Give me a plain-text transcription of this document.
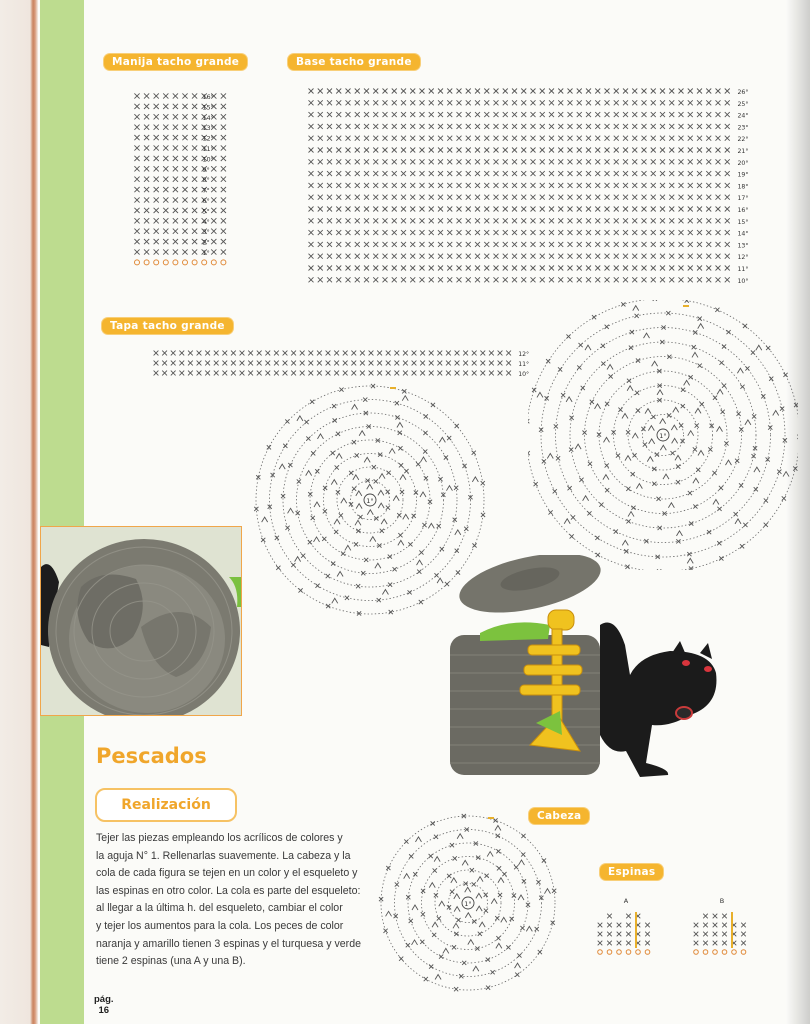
Manija tacho grande	Base tacho grande
Tapa tacho grande
Cabeza
Espinas
16°
15°
14°
13°
12°
11°
10°
9°
8°
7°
6°
5°
4°
3°
2°
1°
26°
25°
24°
23°
22°
21°
20°
19°
18°
17°
16°
15°
14°
13°
12°
11°
10°
12°
11°
10°
1°
1°
1°	A	B
Pescados
Realización
Tejer las piezas empleando los acrílicos de colores y
la aguja N° 1. Rellenarlas suavemente. La cabeza y la
cola de cada figura se tejen en un color y el esqueleto y
las espinas en otro color. La cola es parte del esqueleto:
al llegar a la última h. del esqueleto, cambiar el color
y tejer los aumentos para la cola. Los peces de color
naranja y amarillo tienen 3 espinas y el turquesa y verde
tiene 2 espinas (una A y una B).
pág.
16
